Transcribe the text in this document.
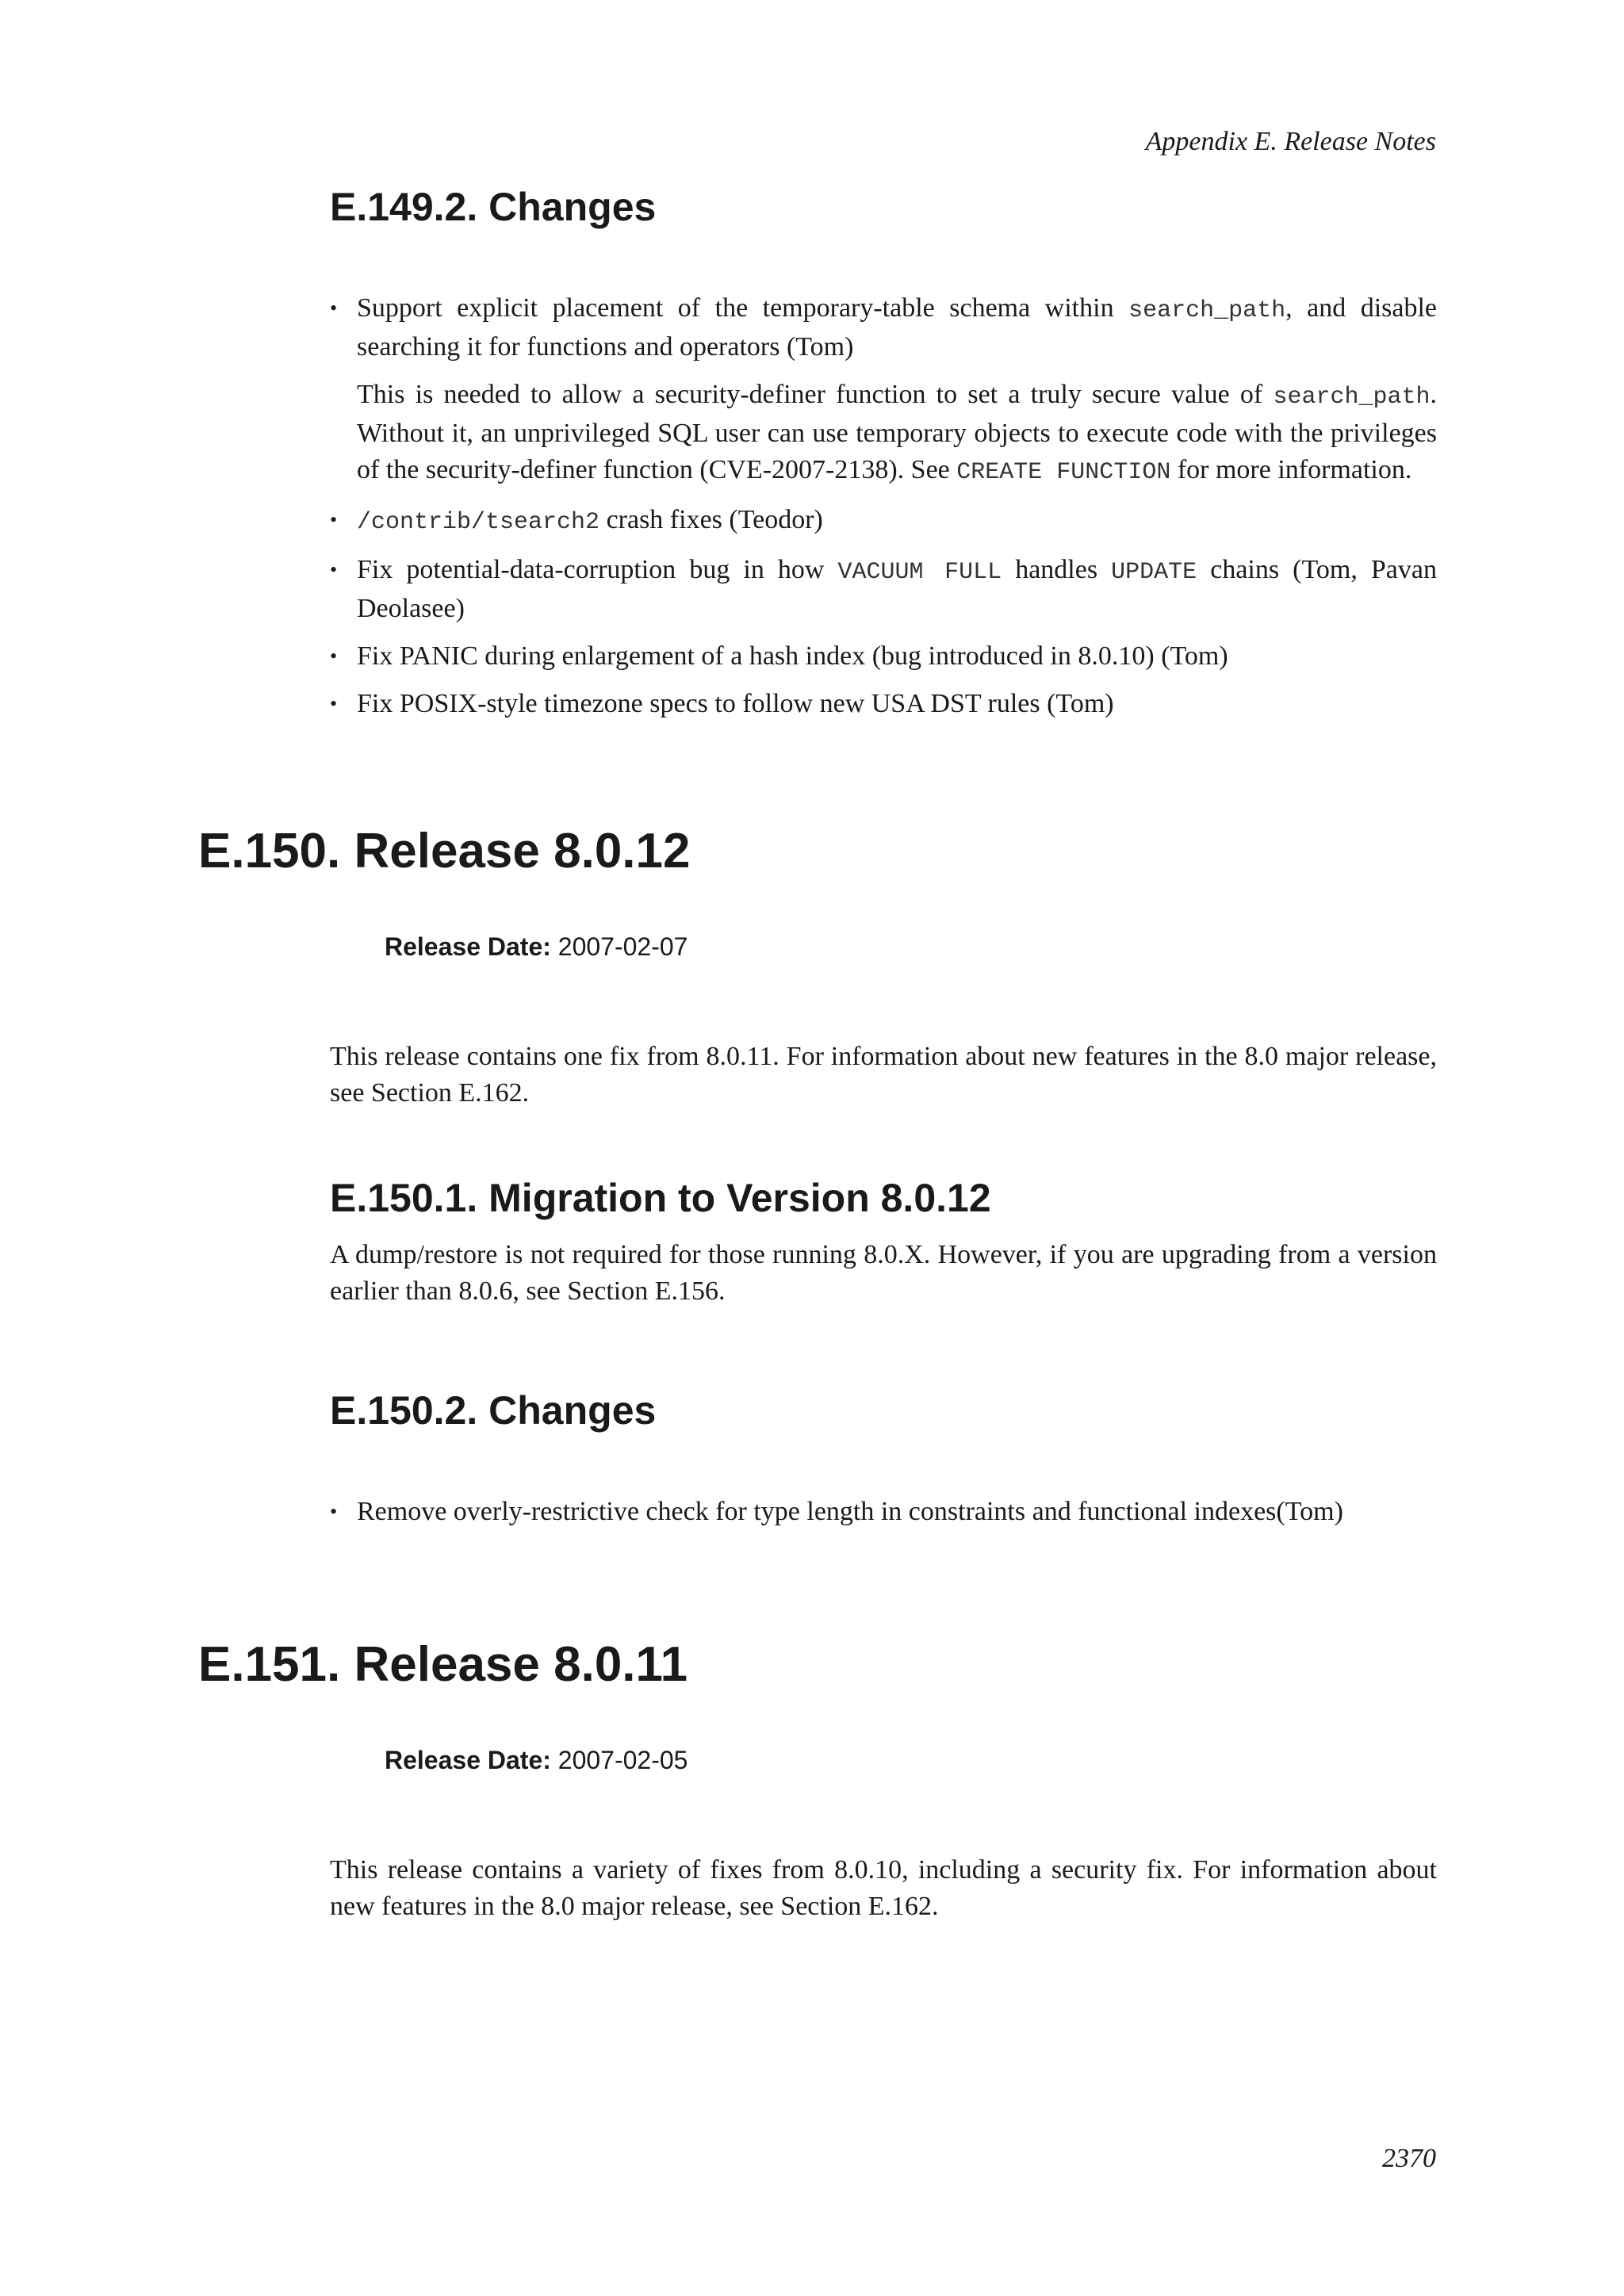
Appendix E. Release Notes
E.149.2. Changes
• Support explicit placement of the temporary-table schema within search_path, and disable searching it for functions and operators (Tom)
This is needed to allow a security-definer function to set a truly secure value of search_path. Without it, an unprivileged SQL user can use temporary objects to execute code with the privileges of the security-definer function (CVE-2007-2138). See CREATE FUNCTION for more information.
• /contrib/tsearch2 crash fixes (Teodor)
• Fix potential-data-corruption bug in how VACUUM FULL handles UPDATE chains (Tom, Pavan Deolasee)
• Fix PANIC during enlargement of a hash index (bug introduced in 8.0.10) (Tom)
• Fix POSIX-style timezone specs to follow new USA DST rules (Tom)
E.150. Release 8.0.12
Release Date: 2007-02-07

This release contains one fix from 8.0.11. For information about new features in the 8.0 major release, see Section E.162.

E.150.1. Migration to Version 8.0.12

A dump/restore is not required for those running 8.0.X. However, if you are upgrading from a version earlier than 8.0.6, see Section E.156.

E.150.2. Changes
• Remove overly-restrictive check for type length in constraints and functional indexes(Tom)
E.151. Release 8.0.11
Release Date: 2007-02-05

This release contains a variety of fixes from 8.0.10, including a security fix. For information about new features in the 8.0 major release, see Section E.162.

2370
